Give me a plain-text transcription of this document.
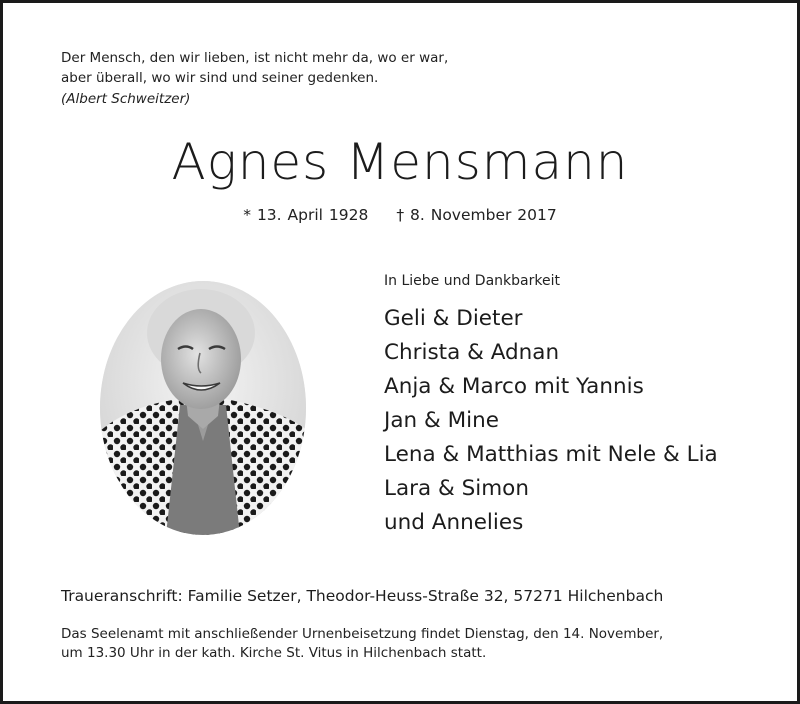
Der Mensch, den wir lieben, ist nicht mehr da, wo er war,
aber überall, wo wir sind und seiner gedenken.
(Albert Schweitzer)
Agnes Mensmann
* 13. April 1928 † 8. November 2017
In Liebe und Dankbarkeit
Geli & Dieter
Christa & Adnan
Anja & Marco mit Yannis
Jan & Mine
Lena & Matthias mit Nele & Lia
Lara & Simon
und Annelies
Traueranschrift: Familie Setzer, Theodor-Heuss-Straße 32, 57271 Hilchenbach
Das Seelenamt mit anschließender Urnenbeisetzung findet Dienstag, den 14. November,
um 13.30 Uhr in der kath. Kirche St. Vitus in Hilchenbach statt.
